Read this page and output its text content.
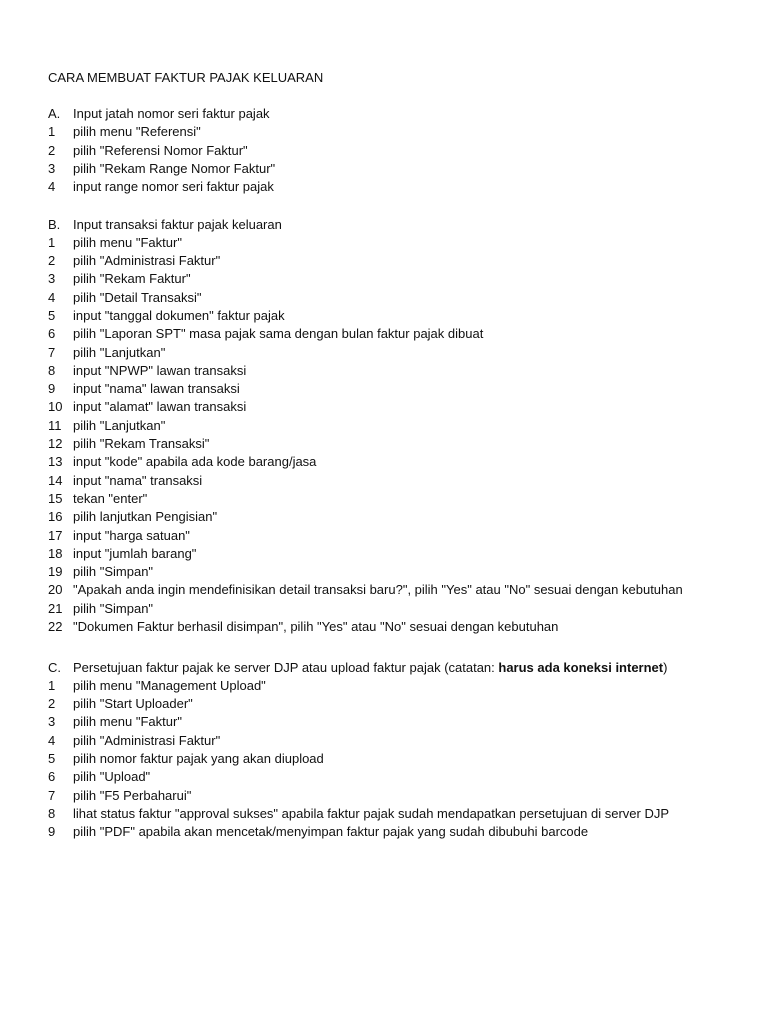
CARA MEMBUAT FAKTUR PAJAK KELUARAN
A. Input jatah nomor seri faktur pajak
1	pilih menu "Referensi"
2	pilih "Referensi Nomor Faktur"
3	pilih "Rekam Range Nomor Faktur"
4	input range nomor seri faktur pajak
B. Input transaksi faktur pajak keluaran
1	pilih menu "Faktur"
2	pilih "Administrasi Faktur"
3	pilih "Rekam Faktur"
4	pilih "Detail Transaksi"
5	input "tanggal dokumen" faktur pajak
6	pilih "Laporan SPT" masa pajak sama dengan bulan faktur pajak dibuat
7	pilih "Lanjutkan"
8	input "NPWP" lawan transaksi
9	input "nama" lawan transaksi
10 input "alamat" lawan transaksi
11 pilih "Lanjutkan"
12 pilih "Rekam Transaksi"
13 input "kode" apabila ada kode barang/jasa
14 input "nama" transaksi
15 tekan "enter"
16 pilih lanjutkan Pengisian"
17 input "harga satuan"
18 input "jumlah barang"
19 pilih "Simpan"
20 "Apakah anda ingin mendefinisikan detail transaksi baru?", pilih "Yes" atau "No" sesuai dengan kebutuhan
21 pilih "Simpan"
22 "Dokumen Faktur berhasil disimpan", pilih "Yes" atau "No" sesuai dengan kebutuhan
C. Persetujuan faktur pajak ke server DJP atau upload faktur pajak (catatan: harus ada koneksi internet)
1	pilih menu "Management Upload"
2	pilih "Start Uploader"
3	pilih menu "Faktur"
4	pilih "Administrasi Faktur"
5	pilih nomor faktur pajak yang akan diupload
6	pilih "Upload"
7	pilih "F5 Perbaharui"
8	lihat status faktur "approval sukses" apabila faktur pajak sudah mendapatkan persetujuan di server DJP
9	pilih "PDF" apabila akan mencetak/menyimpan faktur pajak yang sudah dibubuhi barcode
